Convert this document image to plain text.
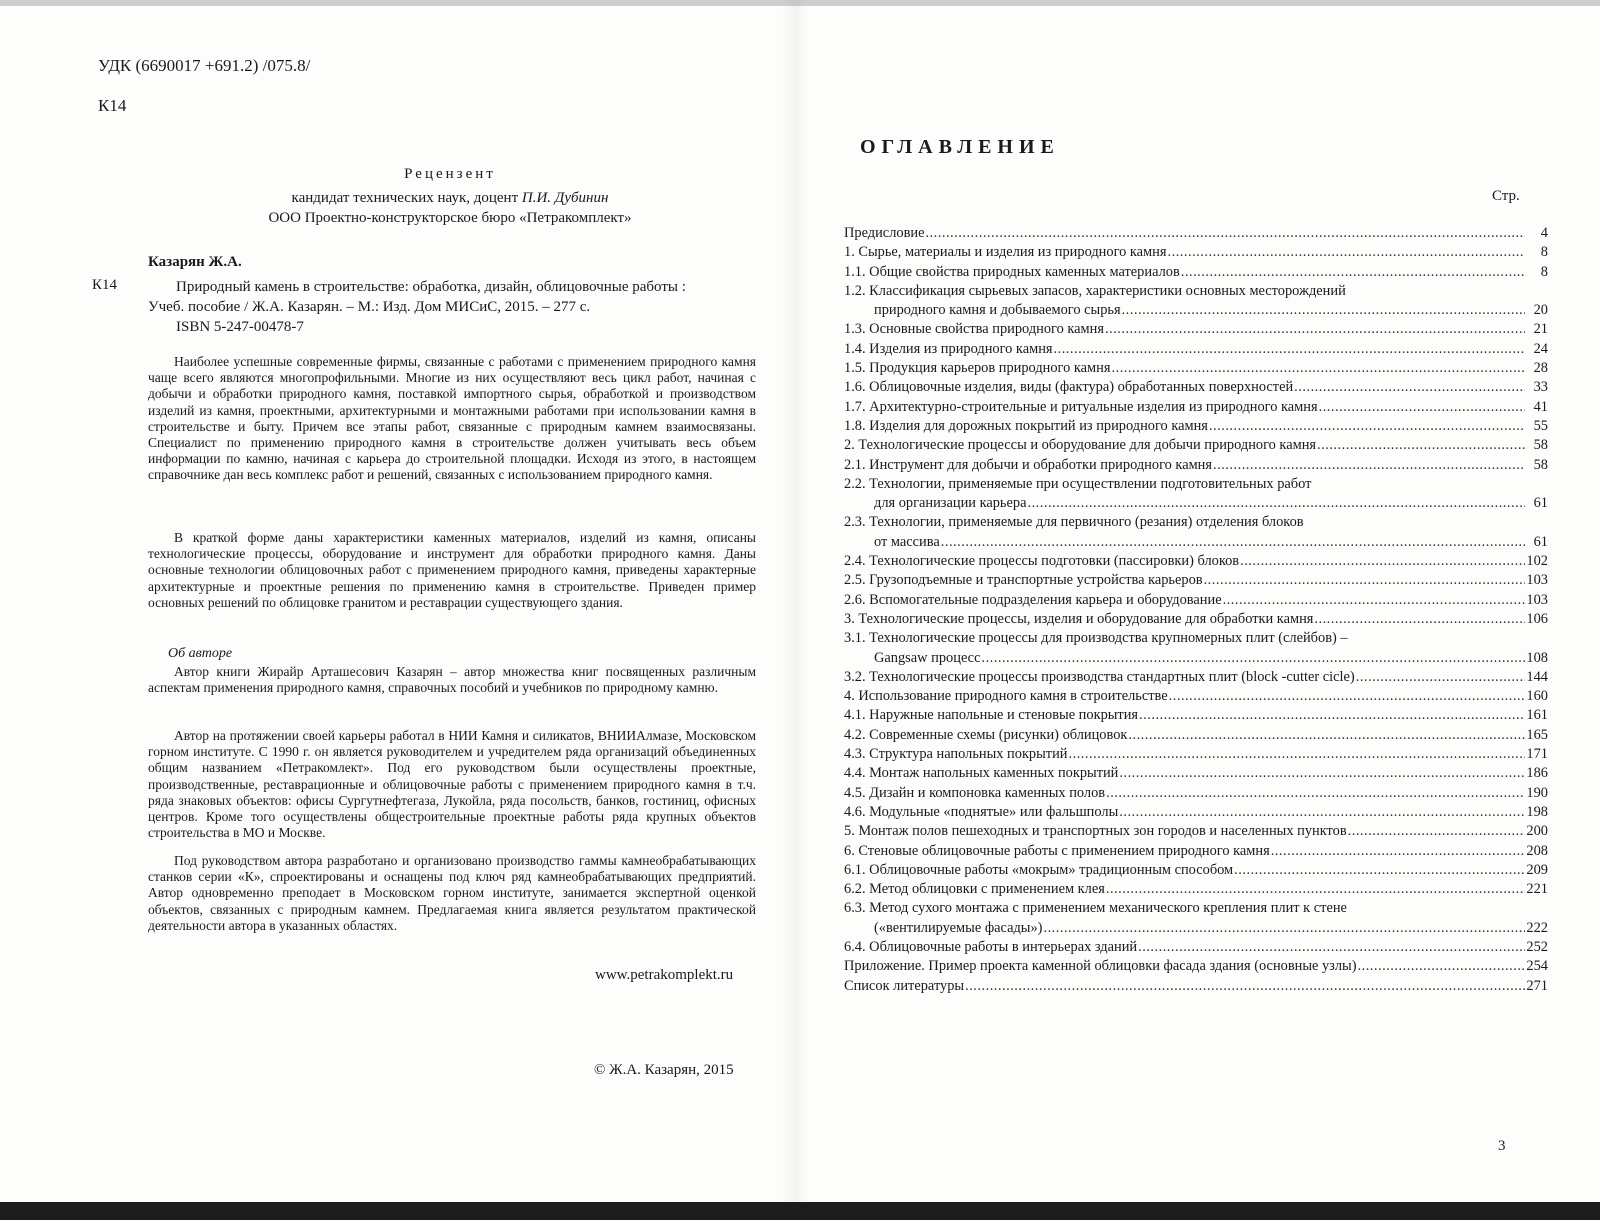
УДК (6690017 +691.2) /075.8/
К14
Рецензент
кандидат технических наук, доцент П.И. Дубинин
ООО Проектно-конструкторское бюро «Петракомплект»
Казарян Ж.А.
К14	Природный камень в строительстве: обработка, дизайн, облицовочные работы :
Учеб. пособие / Ж.А. Казарян. – М.: Изд. Дом МИСиС, 2015. – 277 с.
ISBN 5-247-00478-7

Наиболее успешные современные фирмы, связанные с работами с применением природного камня чаще всего являются многопрофильными. Многие из них осуществляют весь цикл работ, начиная с добычи и обработки природного камня, поставкой импортного сырья, обработкой и производством изделий из камня, проектными, архитектурными и монтажными работами при использовании камня в строительстве и быту. Причем все этапы работ, связанные с природным камнем взаимосвязаны. Специалист по применению природного камня в строительстве должен учитывать весь объем информации по камню, начиная с карьера до строительной площадки. Исходя из этого, в настоящем справочнике дан весь комплекс работ и решений, связанных с использованием природного камня.

В краткой форме даны характеристики каменных материалов, изделий из камня, описаны технологические процессы, оборудование и инструмент для обработки природного камня. Даны основные технологии облицовочных работ с применением природного камня, приведены характерные архитектурные и проектные решения по применению камня в строительстве. Приведен пример основных решений по облицовке гранитом и реставрации существующего здания.

Об авторе

Автор книги Жирайр Арташесович Казарян – автор множества книг посвященных различным аспектам применения природного камня, справочных пособий и учебников по природному камню.

Автор на протяжении своей карьеры работал в НИИ Камня и силикатов, ВНИИАлмазе, Московском горном институте. С 1990 г. он является руководителем и учредителем ряда организаций объединенных общим названием «Петракомлект». Под его руководством были осуществлены проектные, производственные, реставрационные и облицовочные работы с применением природного камня в т.ч. ряда знаковых объектов: офисы Сургутнефтегаза, Лукойла, ряда посольств, банков, гостиниц, офисных центров. Кроме того осуществлены общестроительные проектные работы ряда крупных объектов строительства в МО и Москве.

Под руководством автора разработано и организовано производство гаммы камнеобрабатывающих станков серии «К», спроектированы и оснащены под ключ ряд камнеобрабатывающих предприятий. Автор одновременно преподает в Московском горном институте, занимается экспертной оценкой объектов, связанных с природным камнем. Предлагаемая книга является результатом практической деятельности автора в указанных областях.

www.petrakomplekt.ru
© Ж.А. Казарян, 2015
ОГЛАВЛЕНИЕ
Стр.
Предисловие .....	4
1. Сырье, материалы и изделия из природного камня .....	8
1.1. Общие свойства природных каменных материалов .....	8
1.2. Классификация сырьевых запасов, характеристики основных месторождений
природного камня и добываемого сырья .....	20
1.3. Основные свойства природного камня .....	21
1.4. Изделия из природного камня .....	24
1.5. Продукция карьеров природного камня .....	28
1.6. Облицовочные изделия, виды (фактура) обработанных поверхностей .....	33
1.7. Архитектурно-строительные и ритуальные изделия из природного камня .....	41
1.8. Изделия для дорожных покрытий из природного камня .....	55
2. Технологические процессы и оборудование для добычи природного камня .....	58
2.1. Инструмент для добычи и обработки природного камня .....	58
2.2. Технологии, применяемые при осуществлении подготовительных работ
для организации карьера .....	61
2.3. Технологии, применяемые для первичного (резания) отделения блоков
от массива .....	61
2.4. Технологические процессы подготовки (пассировки) блоков .....	102
2.5. Грузоподъемные и транспортные устройства карьеров .....	103
2.6. Вспомогательные подразделения карьера и оборудование .....	103
3. Технологические процессы, изделия и оборудование для обработки камня .....	106
3.1. Технологические процессы для производства крупномерных плит (слейбов) –
Gangsaw процесс .....	108
3.2. Технологические процессы производства стандартных плит (block -cutter cicle) .....	144
4. Использование природного камня в строительстве .....	160
4.1. Наружные напольные и стеновые покрытия .....	161
4.2. Современные схемы (рисунки) облицовок .....	165
4.3. Структура напольных покрытий .....	171
4.4. Монтаж напольных каменных покрытий .....	186
4.5. Дизайн и компоновка каменных полов .....	190
4.6. Модульные «поднятые» или фальшполы .....	198
5. Монтаж полов пешеходных и транспортных зон городов и населенных пунктов .....	200
6. Стеновые облицовочные работы с применением природного камня .....	208
6.1. Облицовочные работы «мокрым» традиционным способом .....	209
6.2. Метод облицовки с применением клея .....	221
6.3. Метод сухого монтажа с применением механического крепления плит к стене
(«вентилируемые фасады») .....	222
6.4. Облицовочные работы в интерьерах зданий .....	252
Приложение. Пример проекта каменной облицовки фасада здания (основные узлы) .....	254
Список литературы .....	271
3
